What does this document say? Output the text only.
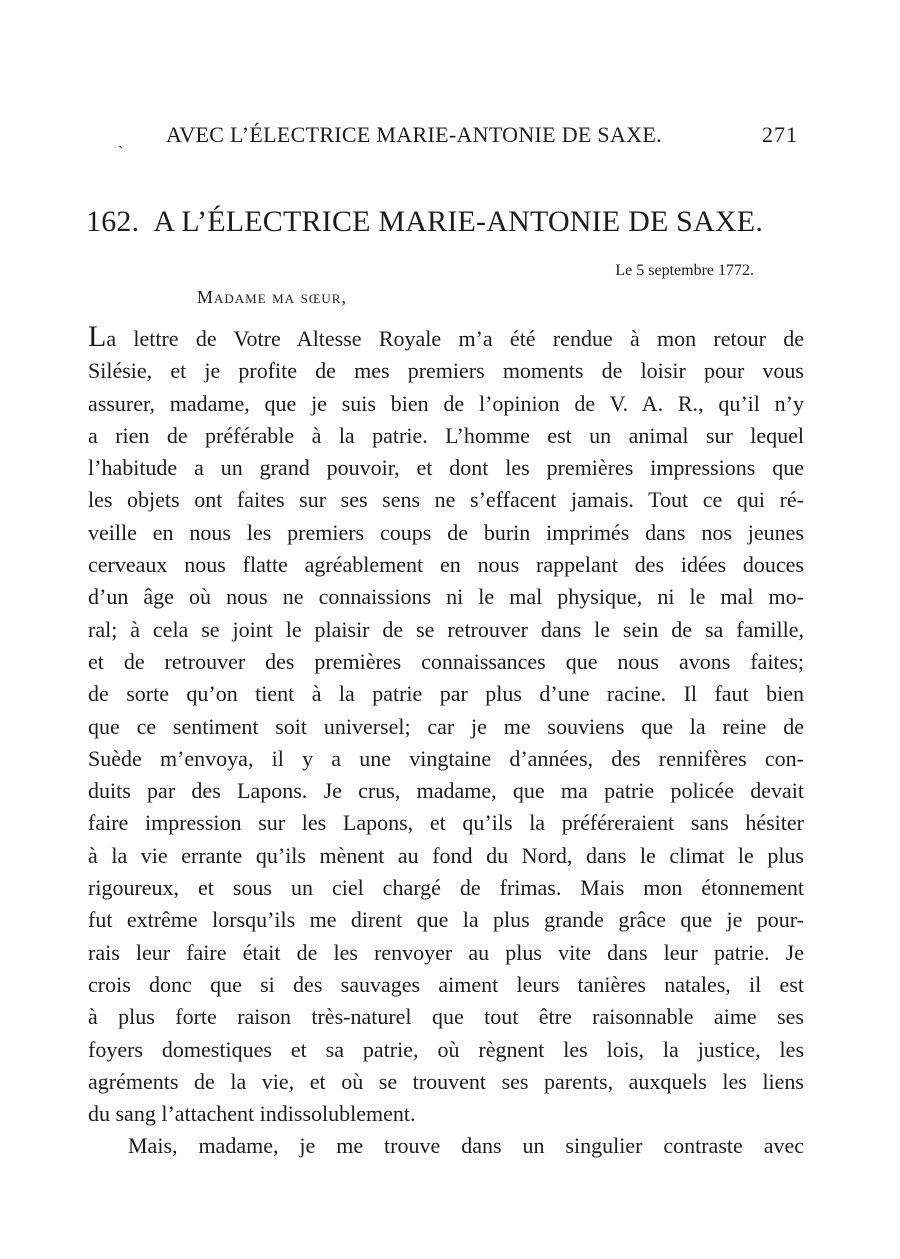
ˏ AVEC L’ÉLECTRICE MARIE-ANTONIE DE SAXE.	271
162. A L’ÉLECTRICE MARIE-ANTONIE DE SAXE.
Le 5 septembre 1772.
Madame ma sœur,
La lettre de Votre Altesse Royale m’a été rendue à mon retour de
Silésie, et je profite de mes premiers moments de loisir pour vous
assurer, madame, que je suis bien de l’opinion de V. A. R., qu’il n’y
a rien de préférable à la patrie. L’homme est un animal sur lequel
l’habitude a un grand pouvoir, et dont les premières impressions que
les objets ont faites sur ses sens ne s’effacent jamais. Tout ce qui ré-
veille en nous les premiers coups de burin imprimés dans nos jeunes
cerveaux nous flatte agréablement en nous rappelant des idées douces
d’un âge où nous ne connaissions ni le mal physique, ni le mal mo-
ral; à cela se joint le plaisir de se retrouver dans le sein de sa famille,
et de retrouver des premières connaissances que nous avons faites;
de sorte qu’on tient à la patrie par plus d’une racine. Il faut bien
que ce sentiment soit universel; car je me souviens que la reine de
Suède m’envoya, il y a une vingtaine d’années, des rennifères con-
duits par des Lapons. Je crus, madame, que ma patrie policée devait
faire impression sur les Lapons, et qu’ils la préféreraient sans hésiter
à la vie errante qu’ils mènent au fond du Nord, dans le climat le plus
rigoureux, et sous un ciel chargé de frimas. Mais mon étonnement
fut extrême lorsqu’ils me dirent que la plus grande grâce que je pour-
rais leur faire était de les renvoyer au plus vite dans leur patrie. Je
crois donc que si des sauvages aiment leurs tanières natales, il est
à plus forte raison très-naturel que tout être raisonnable aime ses
foyers domestiques et sa patrie, où règnent les lois, la justice, les
agréments de la vie, et où se trouvent ses parents, auxquels les liens
du sang l’attachent indissolublement.
Mais, madame, je me trouve dans un singulier contraste avec
